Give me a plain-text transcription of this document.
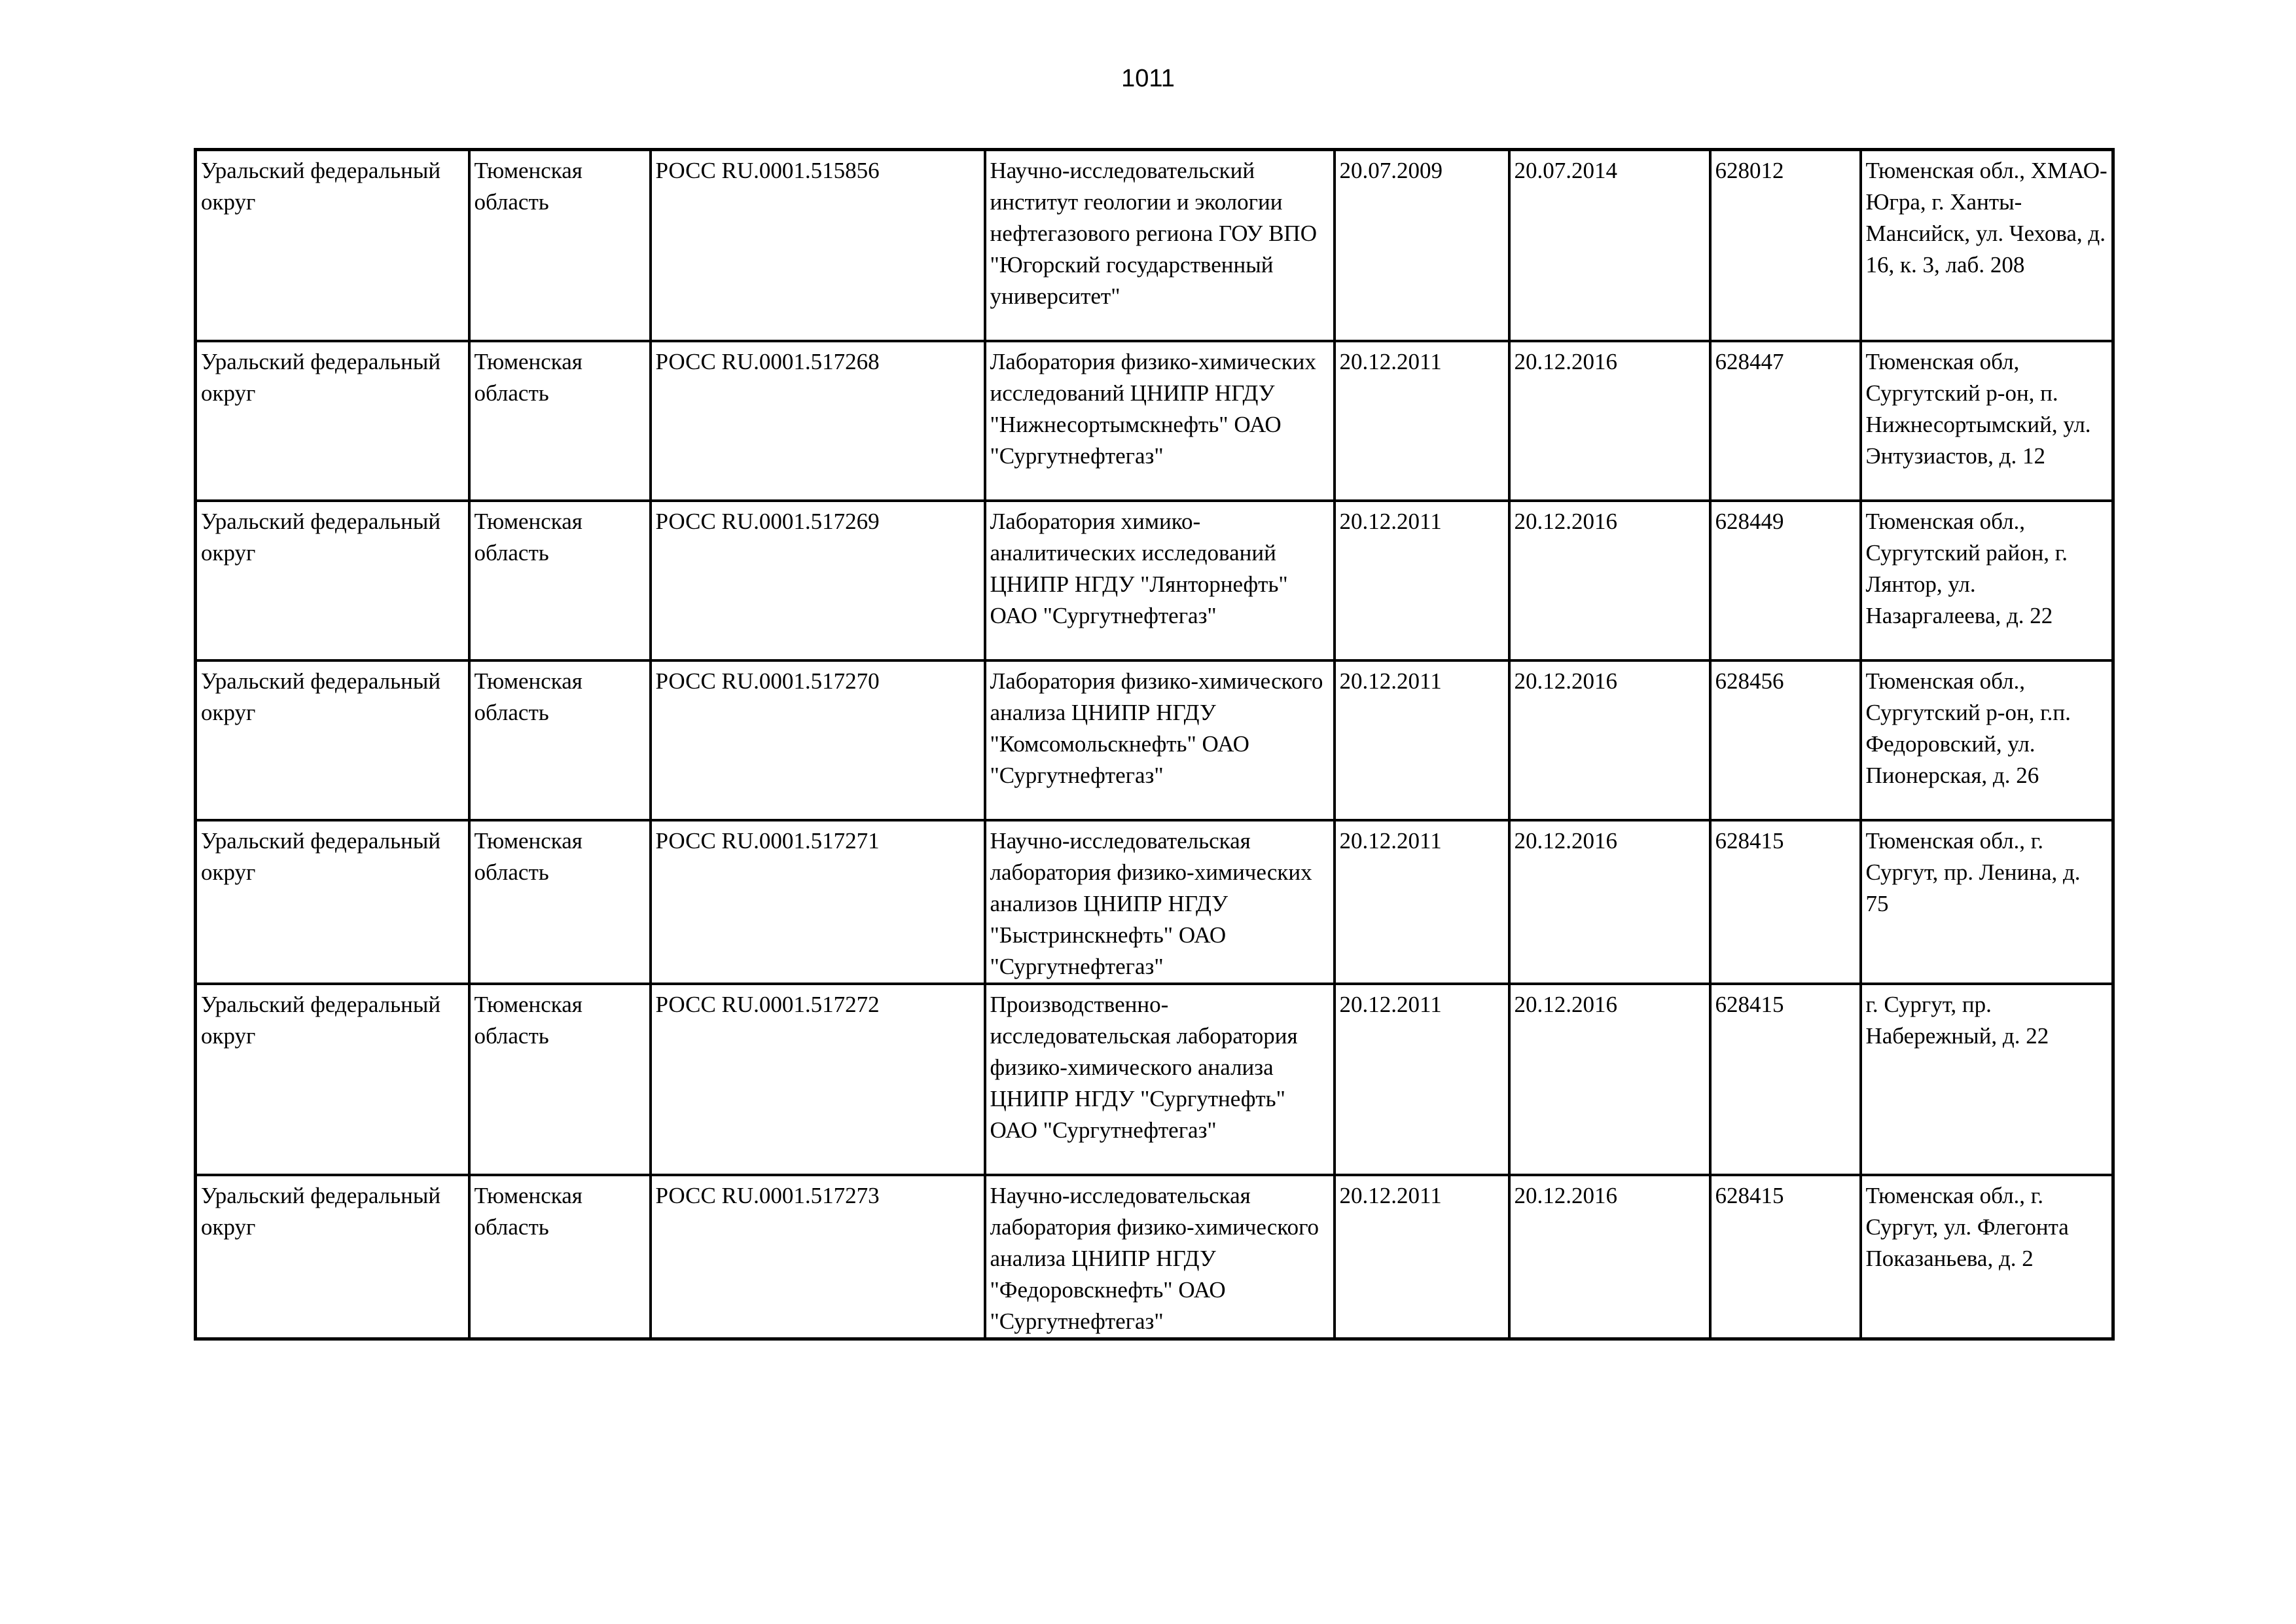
1011
Уральский федеральный округ	Тюменская область	РОСС RU.0001.515856	Научно-исследовательский институт геологии и экологии нефтегазового региона ГОУ ВПО "Югорский государственный университет"	20.07.2009	20.07.2014	628012	Тюменская обл., ХМАО-Югра, г. Ханты-Мансийск, ул. Чехова, д. 16, к. 3, лаб. 208
Уральский федеральный округ	Тюменская область	РОСС RU.0001.517268	Лаборатория физико-химических исследований ЦНИПР НГДУ "Нижнесортымскнефть" ОАО "Сургутнефтегаз"	20.12.2011	20.12.2016	628447	Тюменская обл, Сургутский р-он, п. Нижнесортымский, ул. Энтузиастов, д. 12
Уральский федеральный округ	Тюменская область	РОСС RU.0001.517269	Лаборатория химико-аналитических исследований ЦНИПР НГДУ "Лянторнефть" ОАО "Сургутнефтегаз"	20.12.2011	20.12.2016	628449	Тюменская обл., Сургутский район, г. Лянтор, ул. Назаргалеева, д. 22
Уральский федеральный округ	Тюменская область	РОСС RU.0001.517270	Лаборатория физико-химического анализа ЦНИПР НГДУ "Комсомольскнефть" ОАО "Сургутнефтегаз"	20.12.2011	20.12.2016	628456	Тюменская обл., Сургутский р-он, г.п. Федоровский, ул. Пионерская, д. 26
Уральский федеральный округ	Тюменская область	РОСС RU.0001.517271	Научно-исследовательская лаборатория физико-химических анализов ЦНИПР НГДУ "Быстринскнефть" ОАО "Сургутнефтегаз"	20.12.2011	20.12.2016	628415	Тюменская обл., г. Сургут, пр. Ленина, д. 75
Уральский федеральный округ	Тюменская область	РОСС RU.0001.517272	Производственно-исследовательская лаборатория физико-химического анализа ЦНИПР НГДУ "Сургутнефть" ОАО "Сургутнефтегаз"	20.12.2011	20.12.2016	628415	г. Сургут, пр. Набережный, д. 22
Уральский федеральный округ	Тюменская область	РОСС RU.0001.517273	Научно-исследовательская лаборатория физико-химического анализа ЦНИПР НГДУ "Федоровскнефть" ОАО "Сургутнефтегаз"	20.12.2011	20.12.2016	628415	Тюменская обл., г. Сургут, ул. Флегонта Показаньева, д. 2
